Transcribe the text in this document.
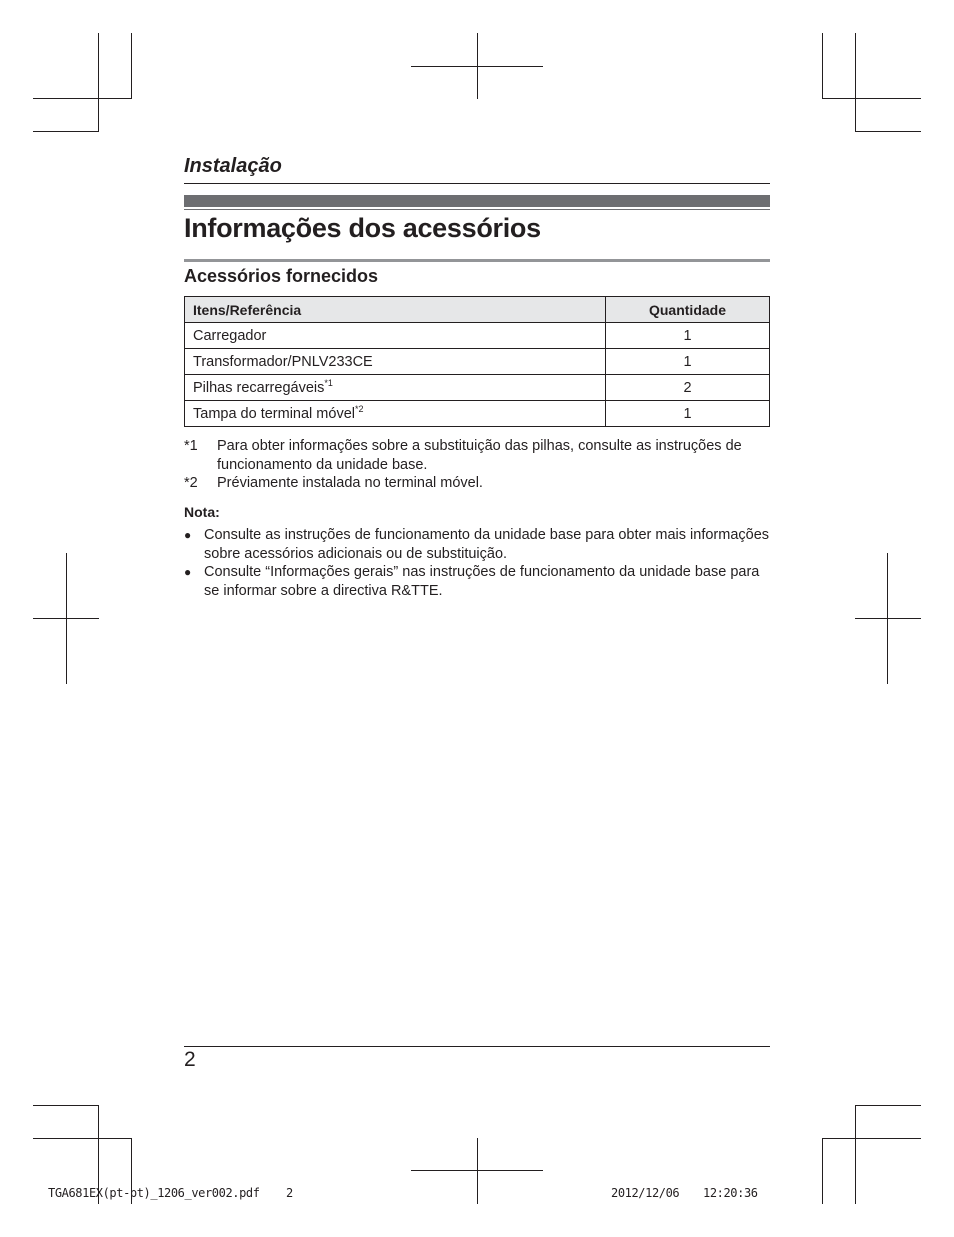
Instalação
Informações dos acessórios
Acessórios fornecidos
Itens/Referência	Quantidade
Carregador	1
Transformador/PNLV233CE	1
Pilhas recarregáveis$^{*1}$	2
Tampa do terminal móvel$^{*2}$	1
*1	Para obter informações sobre a substituição das pilhas, consulte as instruções de funcionamento da unidade base.
*2	Préviamente instalada no terminal móvel.
Nota:
● Consulte as instruções de funcionamento da unidade base para obter mais informações sobre acessórios adicionais ou de substituição.
● Consulte “Informações gerais” nas instruções de funcionamento da unidade base para se informar sobre a directiva R&TTE.
2
TGA681EX(pt-pt)_1206_ver002.pdf 2	2012/12/06 12:20:36
